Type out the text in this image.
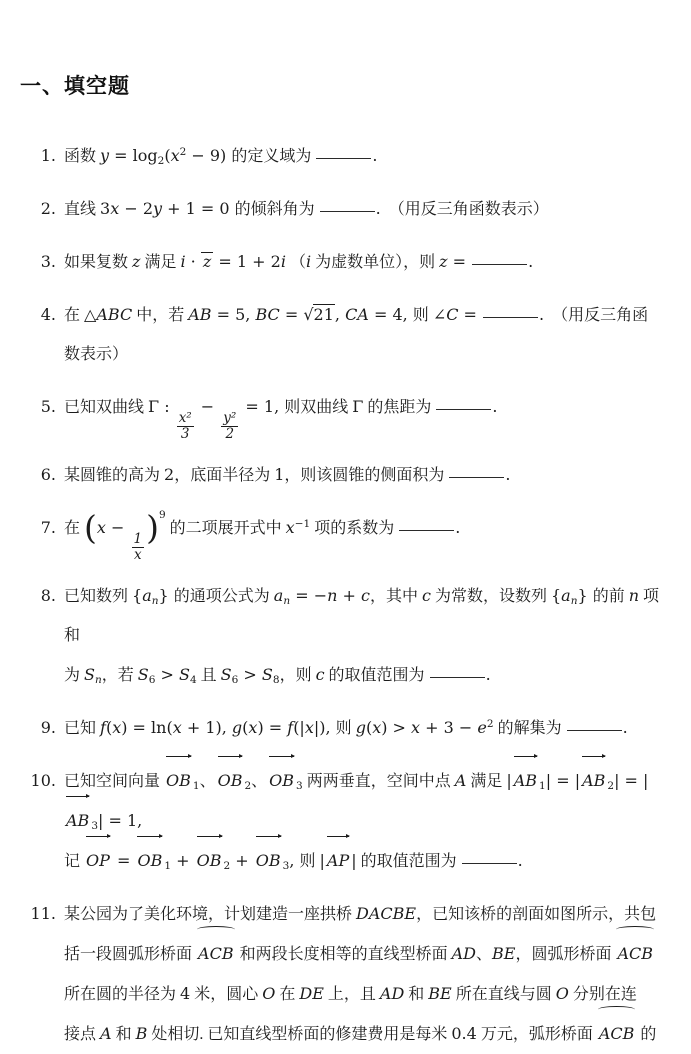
一、填空题
1. 函数 $y = \log_2(x^2 - 9)$ 的定义域为	.
2. 直线 3x − 2y + 1 = 0 的倾斜角为	.　（用反三角函数表示）
3. 如果复数 z 满足 i · z = 1 + 2i （i 为虚数单位），则 z =	.
4. 在 △ABC 中，若 AB = 5, BC = √21, CA = 4, 则 ∠C =	.　（用反三角函
数表示）
5. 已知双曲线 Γ :
$\frac{\text{x²}}{3}$
−
$\frac{\text{y²}}{2}$
= 1, 则双曲线 Γ 的焦距为	.
6. 某圆锥的高为 2，底面半径为 1，则该圆锥的侧面积为	.
7. 在 (x −
$\frac{1}{x}$
)$^9$ 的二项展开式中 $x^{-1}$ 项的系数为	.
8. 已知数列 $\{a_n\}$ 的通项公式为 $a_n = -n + c$，其中 c 为常数，设数列 $\{a_n\}$ 的前 n 项和
为 $S_n$，若 $S_6 > S_4$ 且 $S_6 > S_8$，则 c 的取值范围为	.
9. 已知 f(x) = ln(x + 1), g(x) = f(|x|), 则 $g(x) > x + 3 - e^2$ 的解集为	.
10. 已知空间向量
OB $_1$、 OB $_2$、 OB $_3$ 两两垂直，空间中点 A 满足 | AB $_1$| = | AB $_2$| = |
AB $_3$| = 1,
记
OP =
OB $_1$ +
OB $_2$ +
OB $_3$, 则 | AP | 的取值范围为	.
11. 某公园为了美化环境，计划建造一座拱桥 DACBE，已知该桥的剖面如图所示，共包
括一段圆弧形桥面
ACB 和两段长度相等的直线型桥面 AD、BE，圆弧形桥面
ACB
所在圆的半径为 4 米，圆心 O 在 DE 上，且 AD 和 BE 所在直线与圆 O 分别在连
接点 A 和 B 处相切. 已知直线型桥面的修建费用是每米 0.4 万元，弧形桥面
ACB 的
